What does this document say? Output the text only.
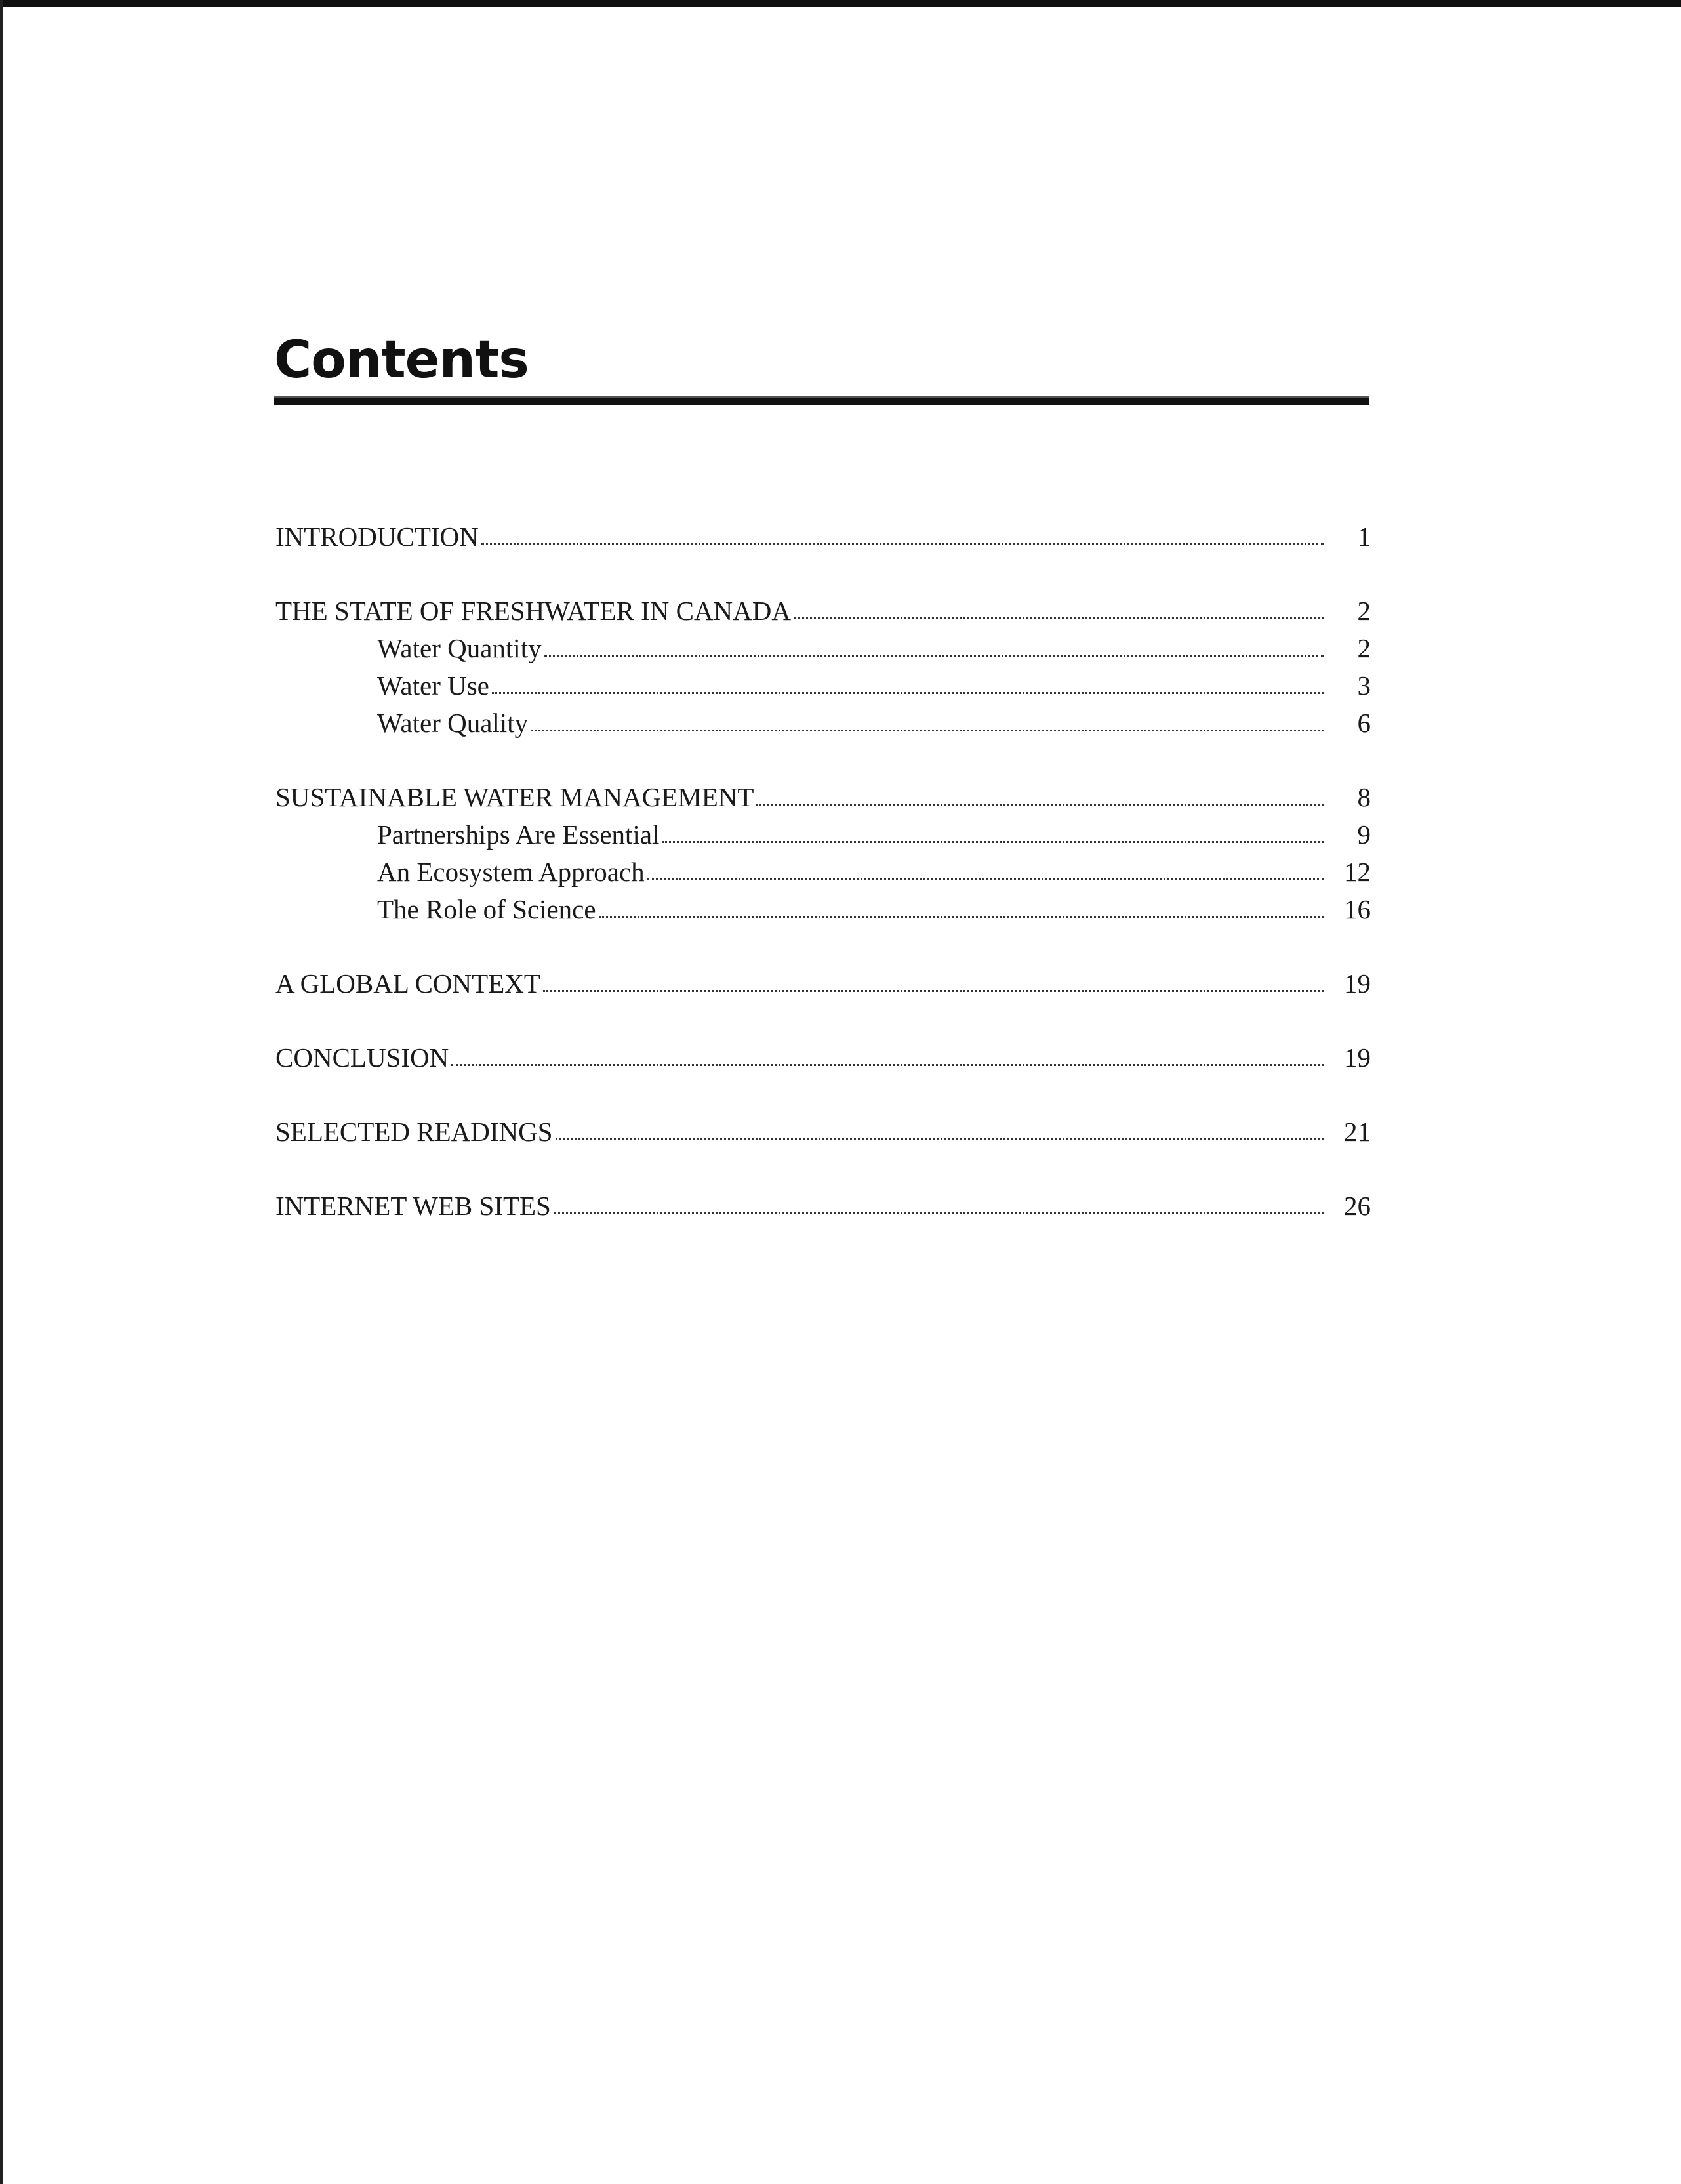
Contents
INTRODUCTION	1
THE STATE OF FRESHWATER IN CANADA	2
Water Quantity	2
Water Use	3
Water Quality	6
SUSTAINABLE WATER MANAGEMENT	8
Partnerships Are Essential	9
An Ecosystem Approach	12
The Role of Science	16
A GLOBAL CONTEXT	19
CONCLUSION	19
SELECTED READINGS	21
INTERNET WEB SITES	26
